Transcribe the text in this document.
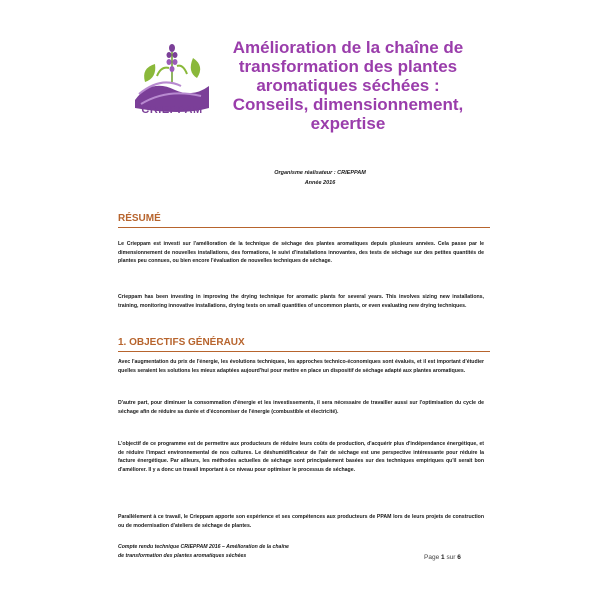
CRIEPPAM
Amélioration de la chaîne de
transformation des plantes
aromatiques séchées :
Conseils, dimensionnement,
expertise
Organisme réalisateur : CRIEPPAM
Année 2016
RÉSUMÉ

Le Crieppam est investi sur l'amélioration de la technique de séchage des plantes aromatiques depuis plusieurs années. Cela passe par le dimensionnement de nouvelles installations, des formations, le suivi d'installations innovantes, des tests de séchage sur des petites quantités de plantes peu connues, ou bien encore l'évaluation de nouvelles techniques de séchage.

Crieppam has been investing in improving the drying technique for aromatic plants for several years. This involves sizing new installations, training, monitoring innovative installations, drying tests on small quantities of uncommon plants, or even evaluating new drying techniques.

1. OBJECTIFS GÉNÉRAUX

Avec l'augmentation du prix de l'énergie, les évolutions techniques, les approches technico-économiques sont évalués, et il est important d'étudier quelles seraient les solutions les mieux adaptées aujourd'hui pour mettre en place un dispositif de séchage adapté aux plantes aromatiques.

D'autre part, pour diminuer la consommation d'énergie et les investissements, il sera nécessaire de travailler aussi sur l'optimisation du cycle de séchage afin de réduire sa durée et d'économiser de l'énergie (combustible et électricité).

L'objectif de ce programme est de permettre aux producteurs de réduire leurs coûts de production, d'acquérir plus d'indépendance énergétique, et de réduire l'impact environnemental de nos cultures. Le déshumidificateur de l'air de séchage est une perspective intéressante pour réduire la facture énergétique. Par ailleurs, les méthodes actuelles de séchage sont principalement basées sur des techniques empiriques qu'il serait bon d'améliorer. Il y a donc un travail important à ce niveau pour optimiser le processus de séchage.

Parallèlement à ce travail, le Crieppam apporte son expérience et ses compétences aux producteurs de PPAM lors de leurs projets de construction ou de modernisation d'ateliers de séchage de plantes.

Compte rendu technique CRIEPPAM 2016 – Amélioration de la chaîne
de transformation des plantes aromatiques séchées	Page 1 sur 6
